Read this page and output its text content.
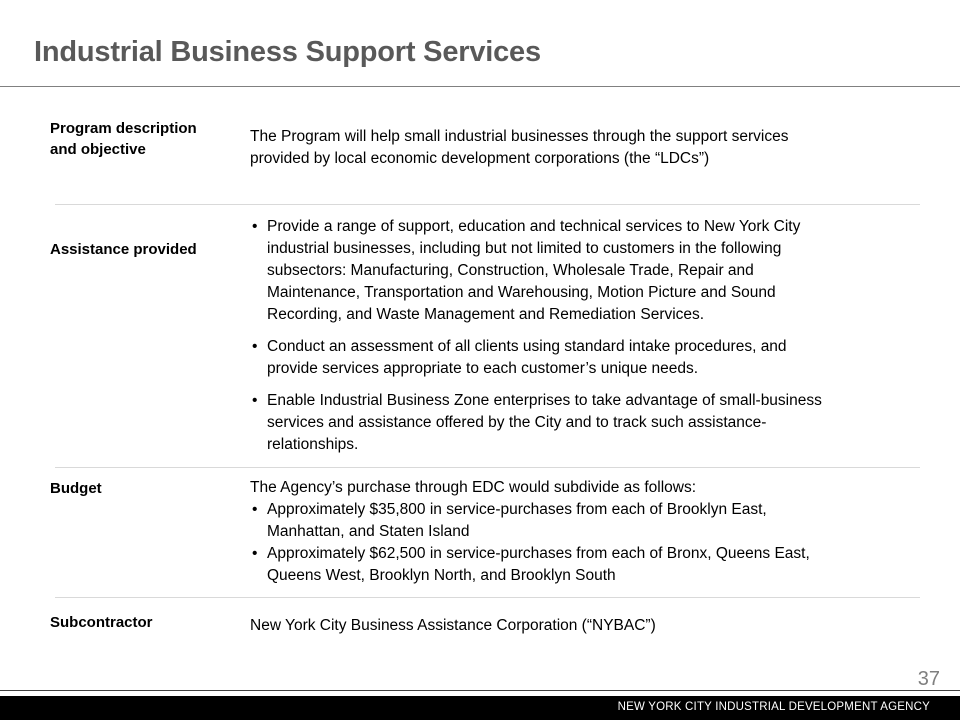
Industrial Business Support Services
Program description and objective
The Program will help small industrial businesses through the support services
provided by local economic development corporations (the “LDCs”)
Assistance provided
• Provide a range of support, education and technical services to New York City
industrial businesses, including but not limited to customers in the following
subsectors: Manufacturing, Construction, Wholesale Trade, Repair and
Maintenance, Transportation and Warehousing, Motion Picture and Sound
Recording, and Waste Management and Remediation Services.
• Conduct an assessment of all clients using standard intake procedures, and
provide services appropriate to each customer’s unique needs.
• Enable Industrial Business Zone enterprises to take advantage of small-business
services and assistance offered by the City and to track such assistance-
relationships.
Budget	The Agency’s purchase through EDC would subdivide as follows:
• Approximately $35,800 in service-purchases from each of Brooklyn East,
Manhattan, and Staten Island
• Approximately $62,500 in service-purchases from each of Bronx, Queens East,
Queens West, Brooklyn North, and Brooklyn South
Subcontractor	New York City Business Assistance Corporation (“NYBAC”)
37
NEW YORK CITY INDUSTRIAL DEVELOPMENT AGENCY
